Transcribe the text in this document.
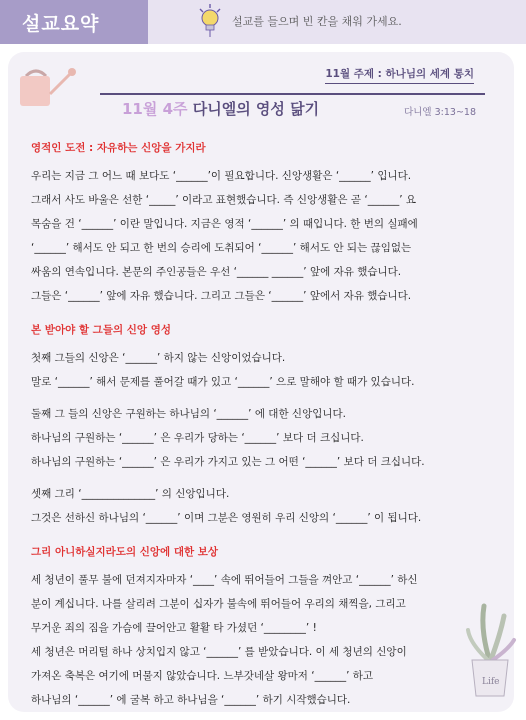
설교요약	설교를 들으며 빈 칸을 채워 가세요.
11월 주제 : 하나님의 세계 통치
11월 4주 다니엘의 영성 닮기	다니엘 3:13~18
영적인 도전 : 자유하는 신앙을 가지라

우리는 지금 그 어느 때 보다도 ‘______’이 필요합니다. 신앙생활은 ‘______’ 입니다.

그래서 사도 바울은 선한 ‘_____’ 이라고 표현했습니다. 즉 신앙생활은 곧 ‘______’ 요

목숨을 건 ‘______’ 이란 말입니다. 지금은 영적 ‘______’ 의 때입니다. 한 번의 실패에

‘______’ 해서도 안 되고 한 번의 승리에 도취되어 ‘______’ 해서도 안 되는 끊임없는

싸움의 연속입니다. 본문의 주인공들은 우선 ‘______ ______’ 앞에 자유 했습니다.

그들은 ‘______’ 앞에 자유 했습니다. 그리고 그들은 ‘______’ 앞에서 자유 했습니다.

본 받아야 할 그들의 신앙 영성

첫째 그들의 신앙은 ‘______’ 하지 않는 신앙이었습니다.

말로 ‘______’ 해서 문제를 풀어갈 때가 있고 ‘______’ 으로 말해야 할 때가 있습니다.

둘째 그 들의 신앙은 구원하는 하나님의 ‘______’ 에 대한 신앙입니다.

하나님의 구원하는 ‘______’ 은 우리가 당하는 ‘______’ 보다 더 크십니다.

하나님의 구원하는 ‘______’ 은 우리가 가지고 있는 그 어떤 ‘______’ 보다 더 크십니다.

셋째 그리 ‘______________’ 의 신앙입니다.

그것은 선하신 하나님의 ‘______’ 이며 그분은 영원히 우리 신앙의 ‘______’ 이 됩니다.

그리 아니하실지라도의 신앙에 대한 보상

세 청년이 풀무 불에 던져지자마자 ‘____’ 속에 뛰어들어 그들을 껴안고 ‘______’ 하신

분이 계십니다. 나를 살리려 그분이 십자가 불속에 뛰어들어 우리의 채찍을, 그리고

무거운 죄의 짐을 가슴에 끌어안고 활활 타 가셨던 ‘________’ !

세 청년은 머리털 하나 상치입지 않고 ‘______’ 를 받았습니다. 이 세 청년의 신앙이

가져온 축복은 여기에 머물지 않았습니다. 느부갓네살 왕마저 ‘______’ 하고

하나님의 ‘______’ 에 굴복 하고 하나님을 ‘______’ 하기 시작했습니다.

Life
